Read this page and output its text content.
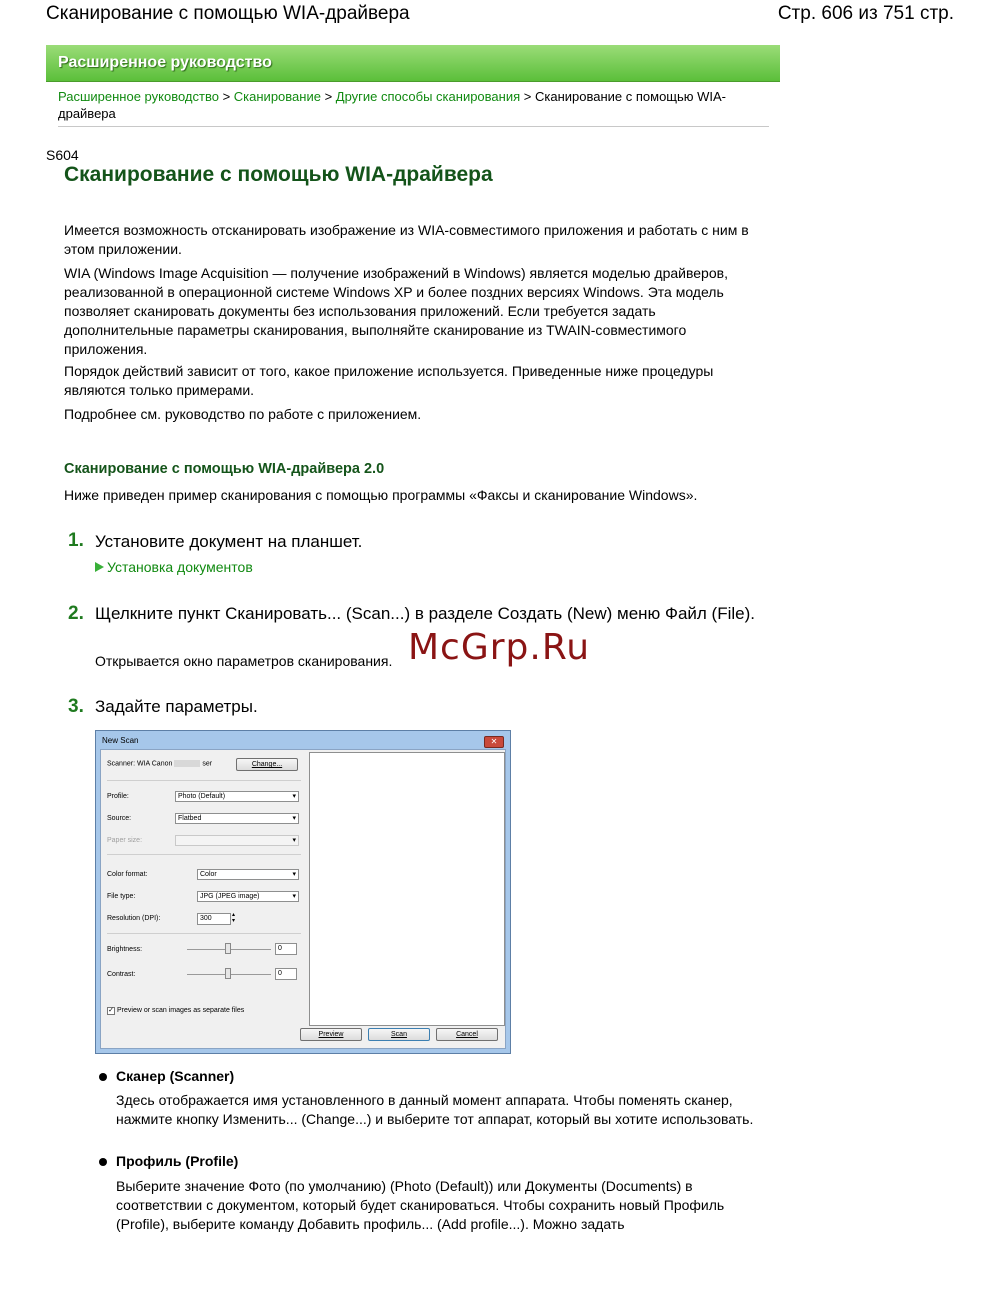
Сканирование с помощью WIA-драйвера	Стр. 606 из 751 стр.
Расширенное руководство
Расширенное руководство > Сканирование > Другие способы сканирования > Сканирование с помощью WIA-драйвера
S604
Сканирование с помощью WIA-драйвера

Имеется возможность отсканировать изображение из WIA-совместимого приложения и работать с ним в этом приложении.

WIA (Windows Image Acquisition — получение изображений в Windows) является моделью драйверов, реализованной в операционной системе Windows XP и более поздних версиях Windows. Эта модель позволяет сканировать документы без использования приложений. Если требуется задать дополнительные параметры сканирования, выполняйте сканирование из TWAIN-совместимого приложения.

Порядок действий зависит от того, какое приложение используется. Приведенные ниже процедуры являются только примерами.

Подробнее см. руководство по работе с приложением.

Сканирование с помощью WIA-драйвера 2.0

Ниже приведен пример сканирования с помощью программы «Факсы и сканирование Windows».

1. Установите документ на планшет.
Установка документов
2. Щелкните пункт Сканировать... (Scan...) в разделе Создать (New) меню Файл (File).
Открывается окно параметров сканирования. McGrp.Ru
3. Задайте параметры.
New Scan	✕
Scanner: WIA Canon	ser	Change...
Profile:	Photo (Default) ▾
Source:	Flatbed ▾
Paper size:
▾
Color format:	Color ▾
File type:	JPG (JPEG image) ▾
Resolution (DPI):	300	▴
▾
Brightness:	0
Contrast:	0
✓ Preview or scan images as separate files
Preview	Scan	Cancel
Сканер (Scanner)

Здесь отображается имя установленного в данный момент аппарата. Чтобы поменять сканер, нажмите кнопку Изменить... (Change...) и выберите тот аппарат, который вы хотите использовать.

Профиль (Profile)

Выберите значение Фото (по умолчанию) (Photo (Default)) или Документы (Documents) в соответствии с документом, который будет сканироваться. Чтобы сохранить новый Профиль (Profile), выберите команду Добавить профиль... (Add profile...). Можно задать
